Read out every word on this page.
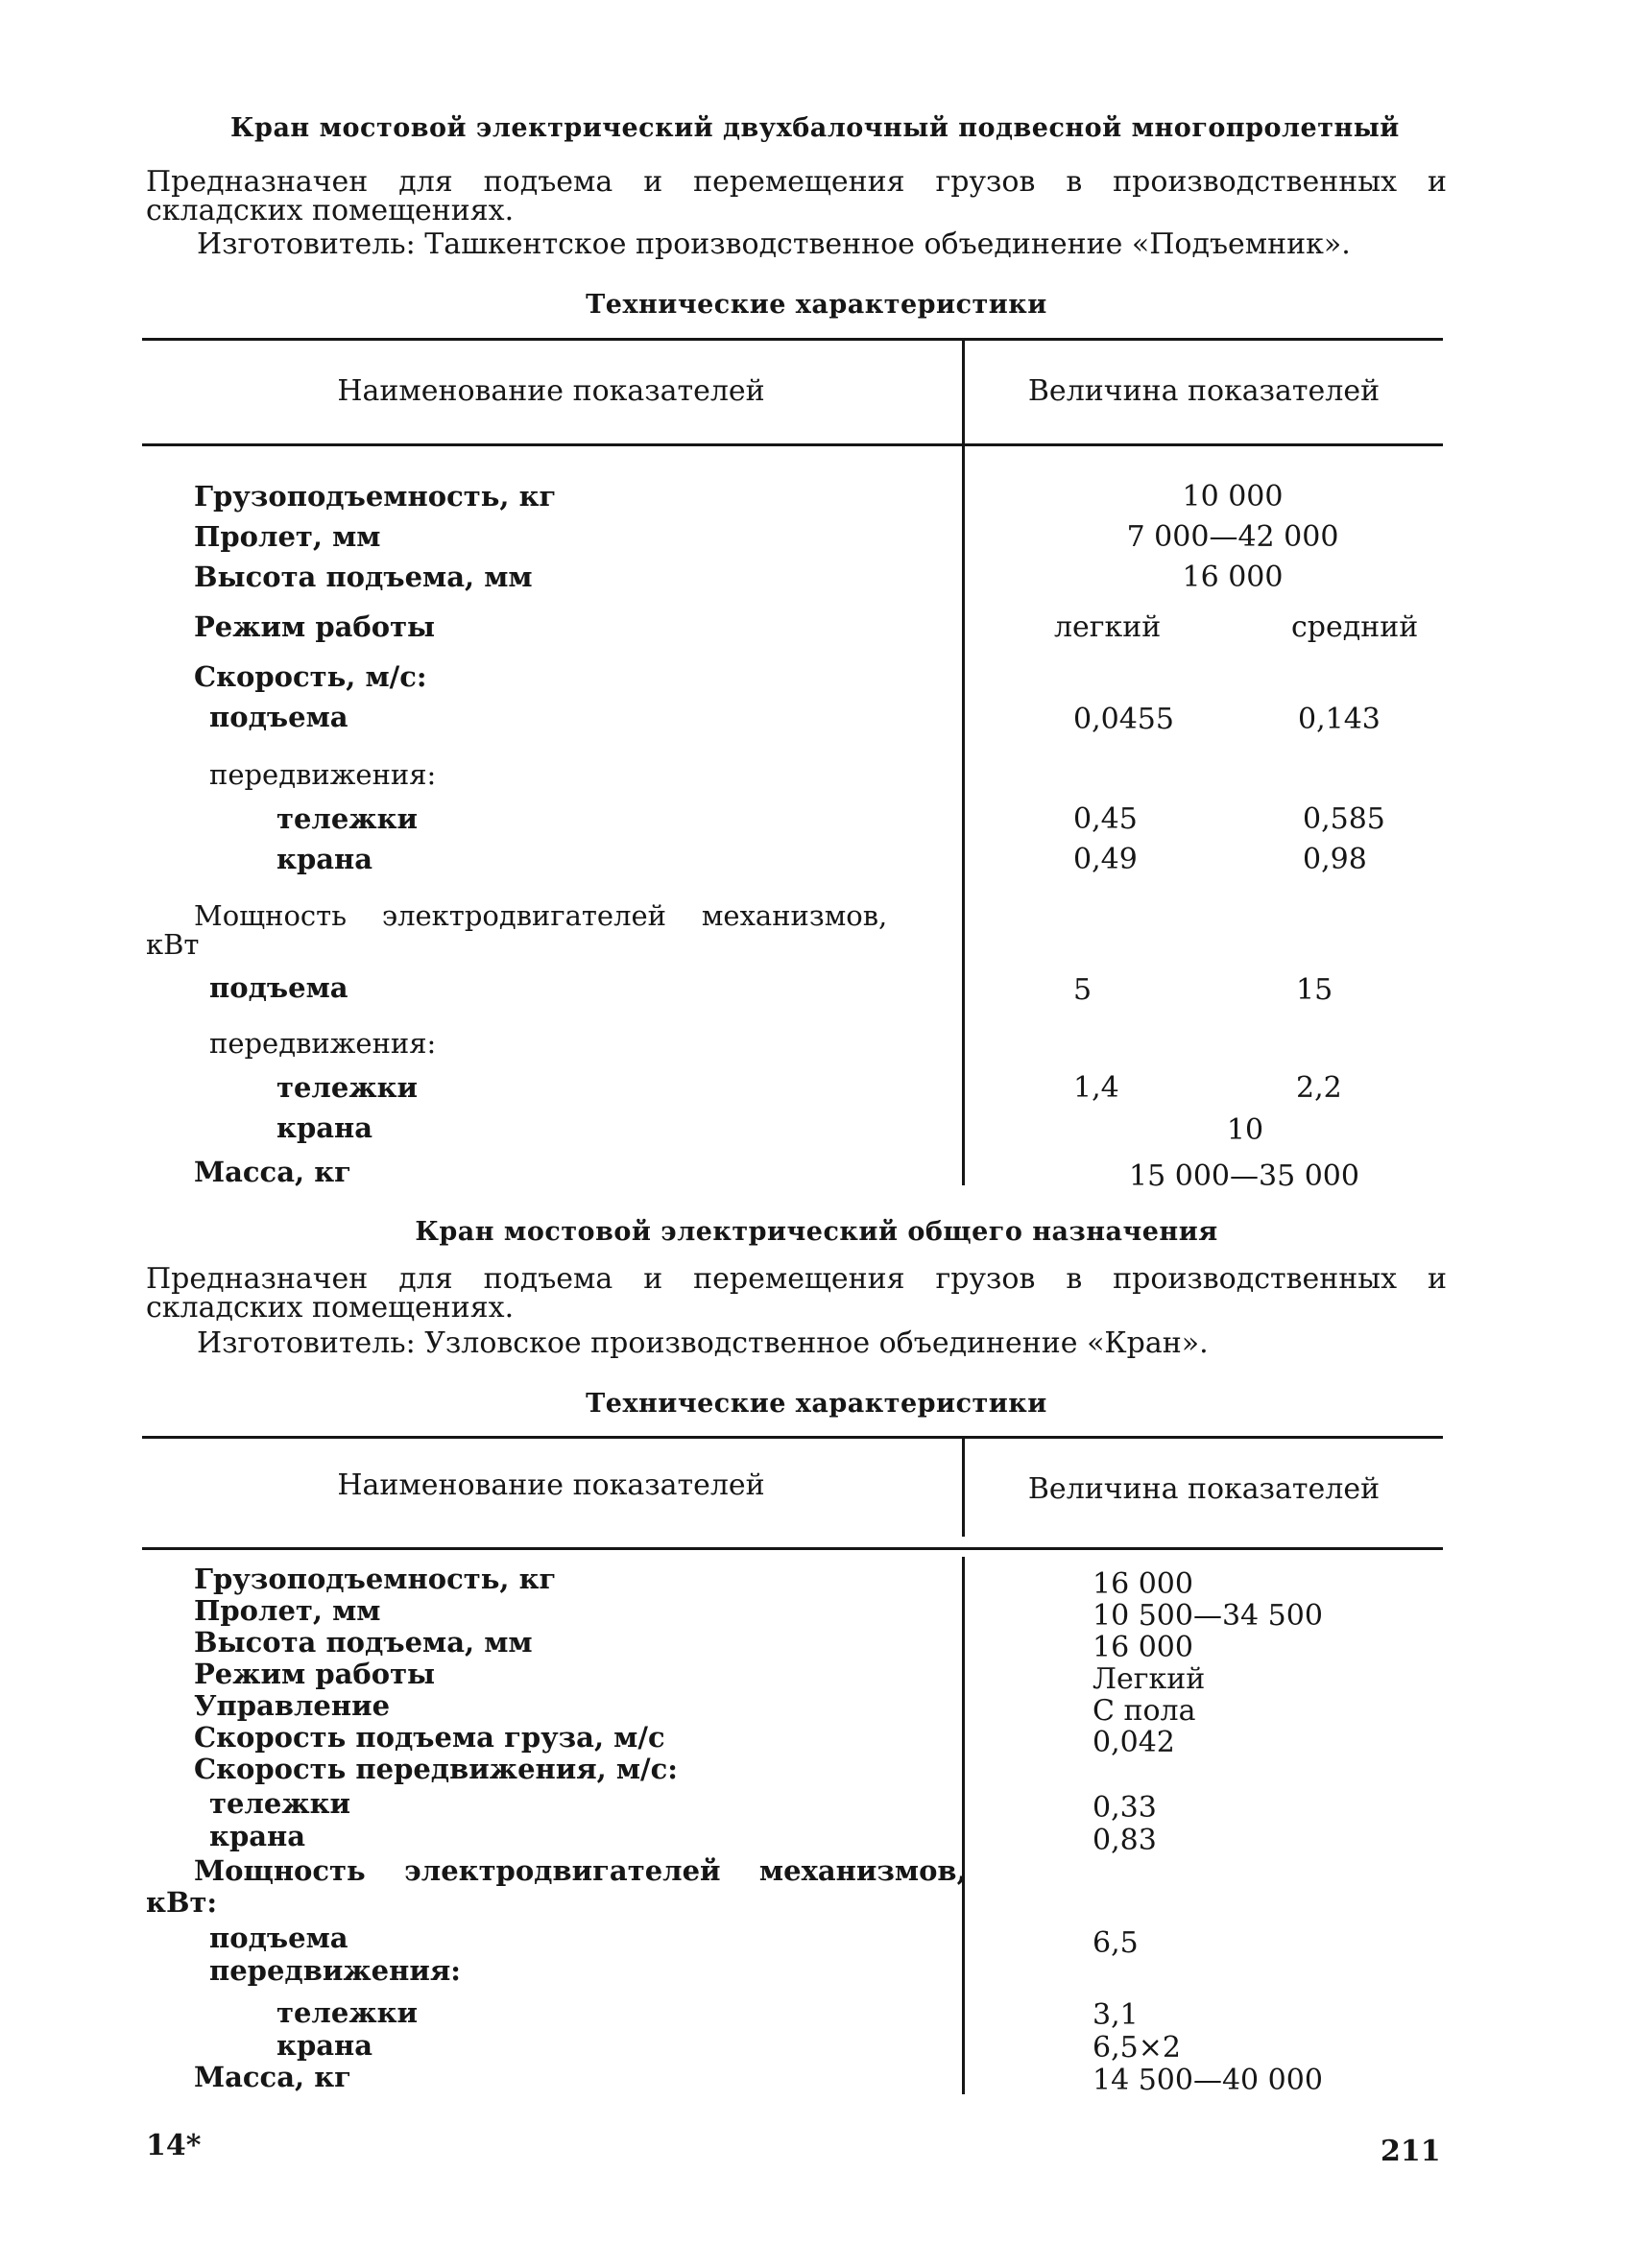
Кран мостовой электрический двухбалочный подвесной многопролетный
Предназначен для подъема и перемещения грузов в производственных и
складских помещениях.
Изготовитель: Ташкентское производственное объединение «Подъемник».
Технические характеристики
Наименование показателей	Величина показателей
Грузоподъемность, кг	10 000
Пролет, мм	7 000—42 000
Высота подъема, мм	16 000
Режим работы	легкий	средний
Скорость, м/с:
подъема	0,0455	0,143
передвижения:
тележки	0,45	0,585
крана	0,49	0,98
Мощность    электродвигателей    механизмов,
кВт
подъема	5	15
передвижения:
тележки	1,4	2,2
крана	10
Масса, кг	15 000—35 000
Кран мостовой электрический общего назначения
Предназначен для подъема и перемещения грузов в производственных и
складских помещениях.
Изготовитель: Узловское производственное объединение «Кран».
Технические характеристики
Наименование показателей	Величина показателей
Грузоподъемность, кг	16 000
Пролет, мм	10 500—34 500
Высота подъема, мм	16 000
Режим работы	Легкий
Управление	С пола
Скорость подъема груза, м/с	0,042
Скорость передвижения, м/с:
тележки	0,33
крана	0,83
Мощность    электродвигателей    механизмов,
кВт:
подъема	6,5
передвижения:
тележки	3,1
крана	6,5×2
Масса, кг	14 500—40 000
14*	211
